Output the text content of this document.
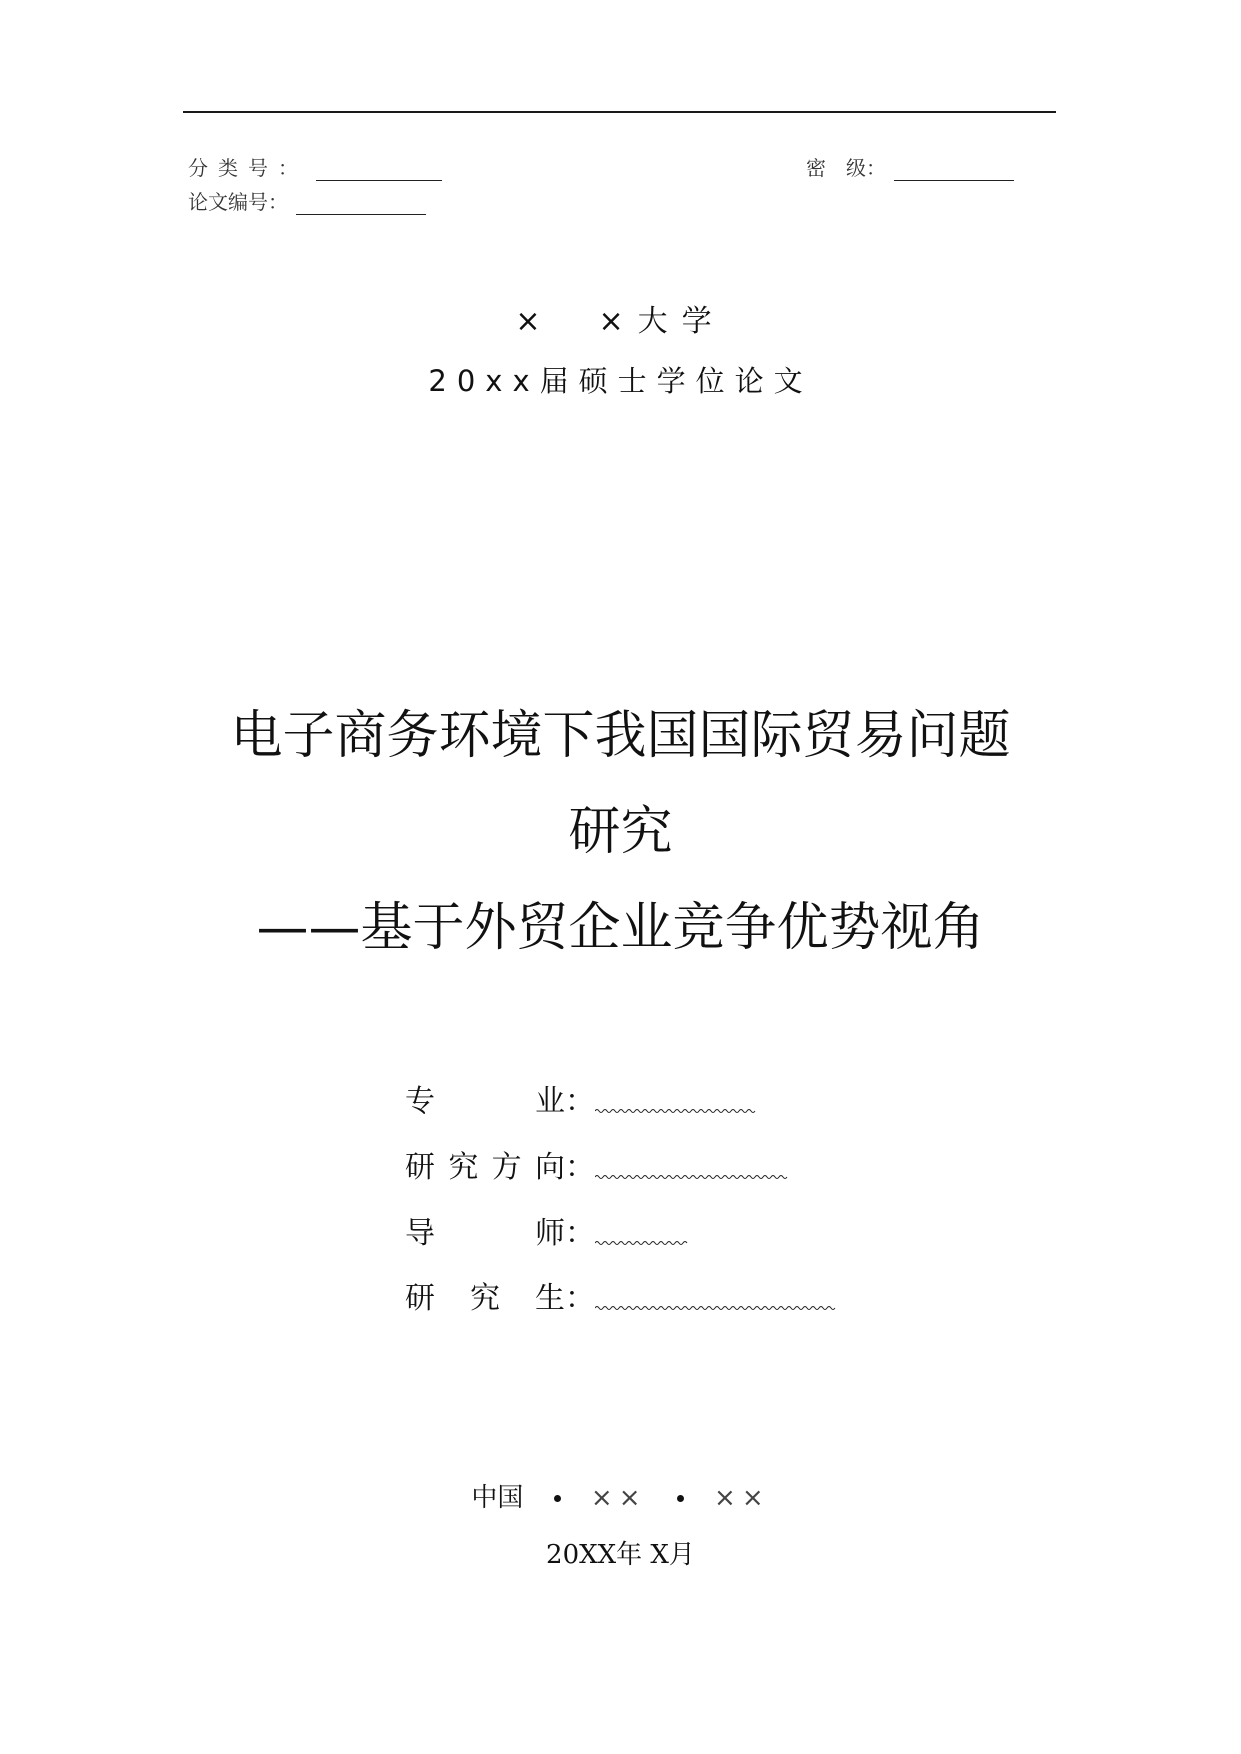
分类号：	密　级：
论文编号：
×　×大学
20xx届硕士学位论文
电子商务环境下我国国际贸易问题
研究
——基于外贸企业竞争优势视角
专业 ：
研究方向 ：
导师 ：
研究生 ：
中国	××	××
20XX年 X月
